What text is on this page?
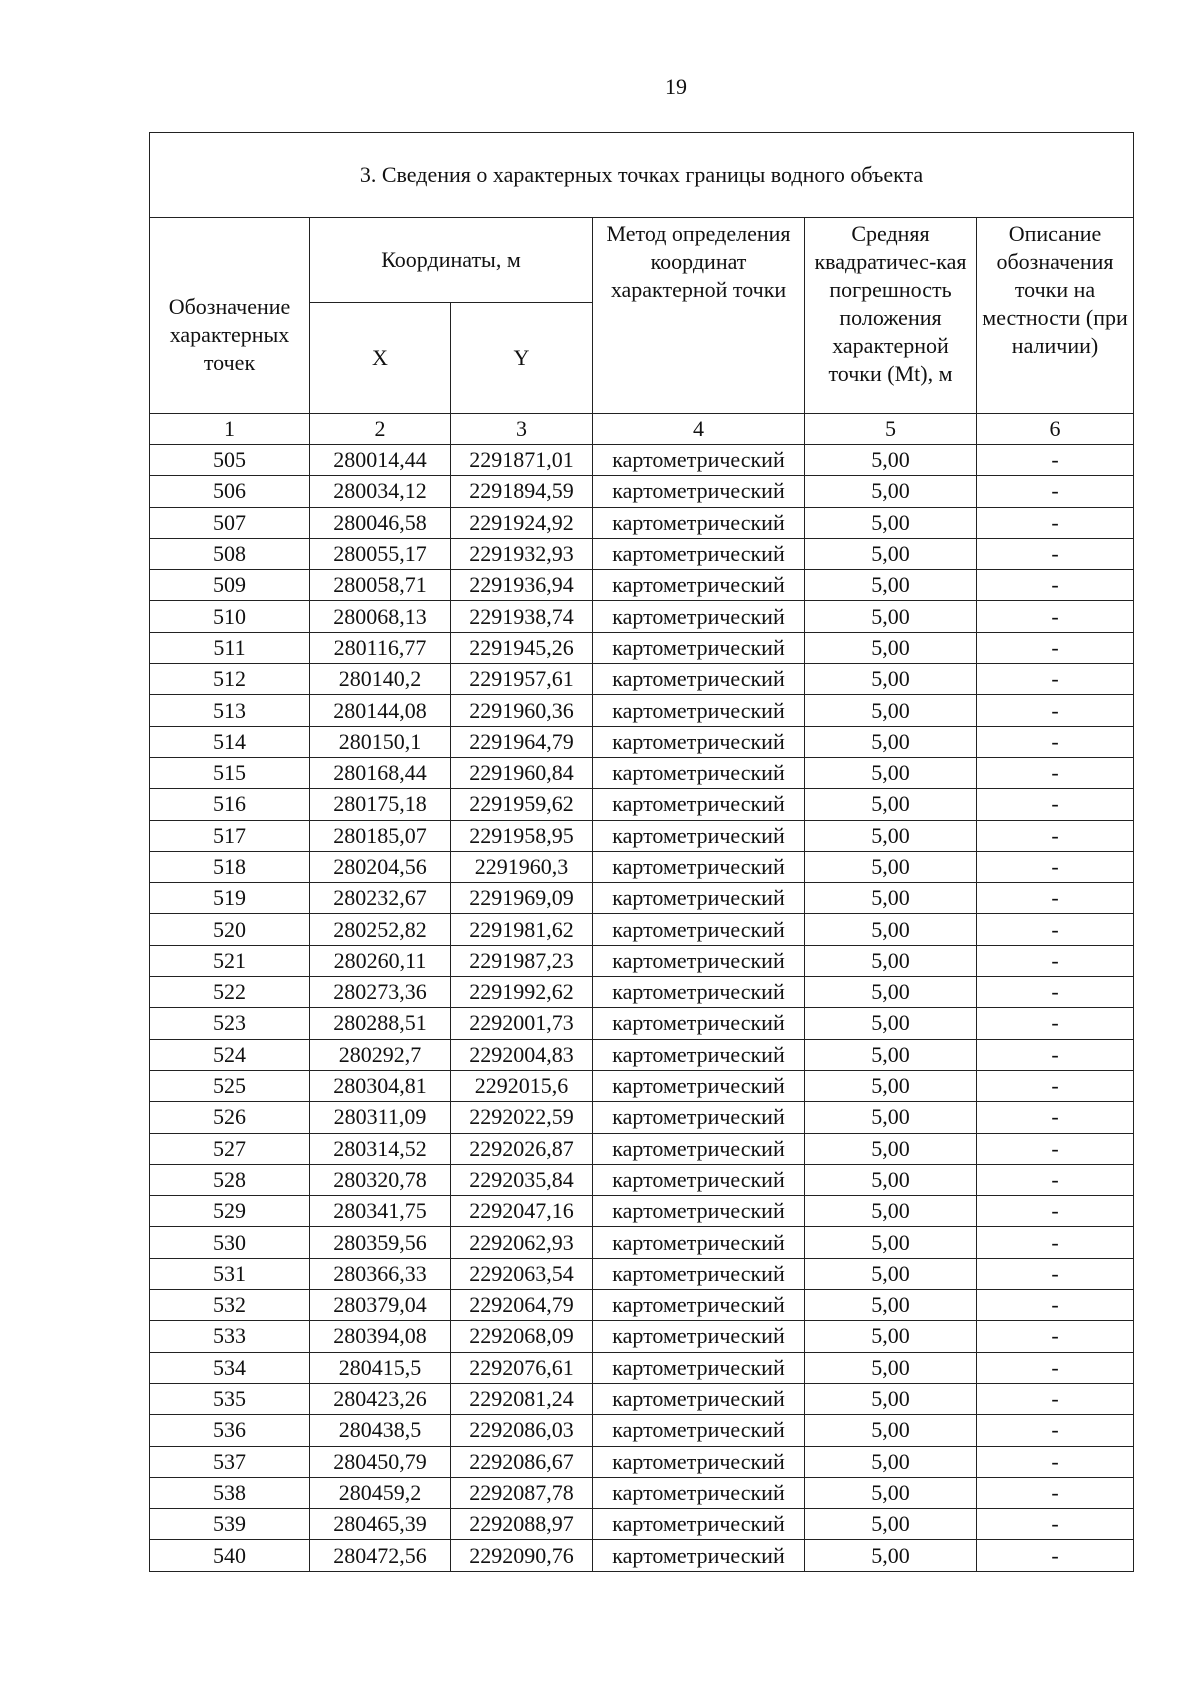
19
3. Сведения о характерных точках границы водного объекта					

Обозначение характерных точек	Координаты, м		Метод определения координат характерной точки	Средняя квадратичес-кая погрешность положения характерной точки (Mt), м	Описание обозначения точки на местности (при наличии)
	X	Y			
1	2	3	4	5	6
505	280014,44	2291871,01	картометрический	5,00	-
506	280034,12	2291894,59	картометрический	5,00	-
507	280046,58	2291924,92	картометрический	5,00	-
508	280055,17	2291932,93	картометрический	5,00	-
509	280058,71	2291936,94	картометрический	5,00	-
510	280068,13	2291938,74	картометрический	5,00	-
511	280116,77	2291945,26	картометрический	5,00	-
512	280140,2	2291957,61	картометрический	5,00	-
513	280144,08	2291960,36	картометрический	5,00	-
514	280150,1	2291964,79	картометрический	5,00	-
515	280168,44	2291960,84	картометрический	5,00	-
516	280175,18	2291959,62	картометрический	5,00	-
517	280185,07	2291958,95	картометрический	5,00	-
518	280204,56	2291960,3	картометрический	5,00	-
519	280232,67	2291969,09	картометрический	5,00	-
520	280252,82	2291981,62	картометрический	5,00	-
521	280260,11	2291987,23	картометрический	5,00	-
522	280273,36	2291992,62	картометрический	5,00	-
523	280288,51	2292001,73	картометрический	5,00	-
524	280292,7	2292004,83	картометрический	5,00	-
525	280304,81	2292015,6	картометрический	5,00	-
526	280311,09	2292022,59	картометрический	5,00	-
527	280314,52	2292026,87	картометрический	5,00	-
528	280320,78	2292035,84	картометрический	5,00	-
529	280341,75	2292047,16	картометрический	5,00	-
530	280359,56	2292062,93	картометрический	5,00	-
531	280366,33	2292063,54	картометрический	5,00	-
532	280379,04	2292064,79	картометрический	5,00	-
533	280394,08	2292068,09	картометрический	5,00	-
534	280415,5	2292076,61	картометрический	5,00	-
535	280423,26	2292081,24	картометрический	5,00	-
536	280438,5	2292086,03	картометрический	5,00	-
537	280450,79	2292086,67	картометрический	5,00	-
538	280459,2	2292087,78	картометрический	5,00	-
539	280465,39	2292088,97	картометрический	5,00	-
540	280472,56	2292090,76	картометрический	5,00	-
